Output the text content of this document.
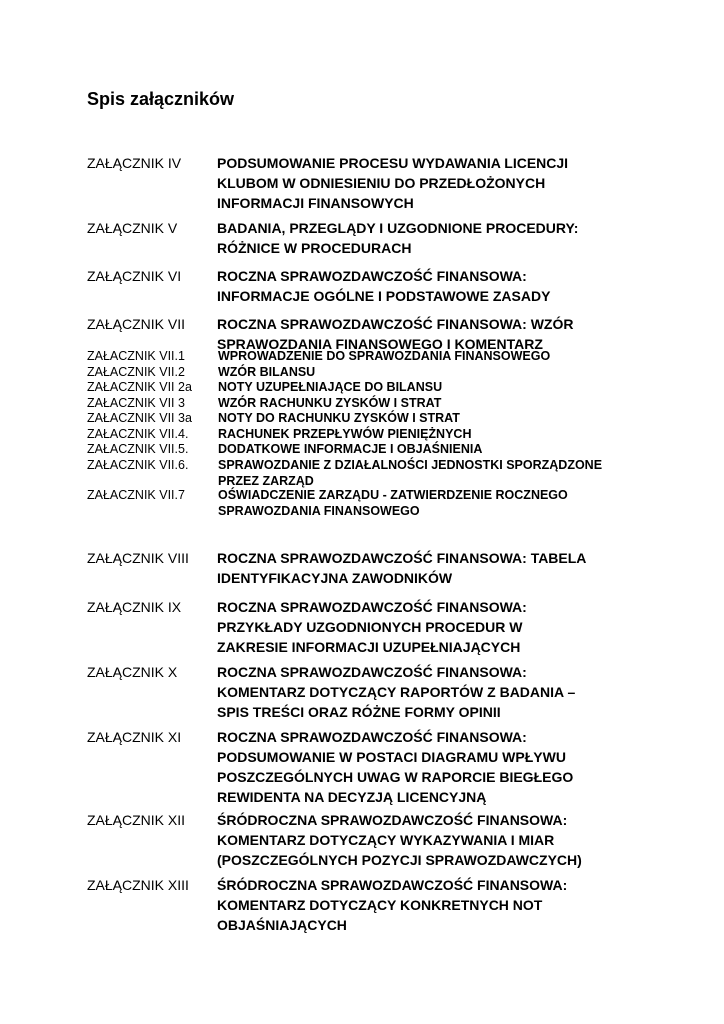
Spis załączników
ZAŁĄCZNIK IV	PODSUMOWANIE PROCESU WYDAWANIA LICENCJI
KLUBOM W ODNIESIENIU DO PRZEDŁOŻONYCH
INFORMACJI FINANSOWYCH
ZAŁĄCZNIK V	BADANIA, PRZEGLĄDY I UZGODNIONE PROCEDURY:
RÓŻNICE W PROCEDURACH
ZAŁĄCZNIK VI	ROCZNA SPRAWOZDAWCZOŚĆ FINANSOWA:
INFORMACJE OGÓLNE I PODSTAWOWE ZASADY
ZAŁĄCZNIK VII ROCZNA SPRAWOZDAWCZOŚĆ FINANSOWA: WZÓR
SPRAWOZDANIA FINANSOWEGO I KOMENTARZ
ZAŁACZNIK VII.1	WPROWADZENIE DO SPRAWOZDANIA FINANSOWEGO
ZAŁACZNIK VII.2	WZÓR BILANSU
ZAŁACZNIK VII 2a NOTY UZUPEŁNIAJĄCE DO BILANSU
ZAŁACZNIK VII 3	WZÓR RACHUNKU ZYSKÓW I STRAT
ZAŁACZNIK VII 3a NOTY DO RACHUNKU ZYSKÓW I STRAT
ZAŁACZNIK VII.4. RACHUNEK PRZEPŁYWÓW PIENIĘŻNYCH
ZAŁACZNIK VII.5. DODATKOWE INFORMACJE I OBJAŚNIENIA
ZAŁACZNIK VII.6. SPRAWOZDANIE Z DZIAŁALNOŚCI JEDNOSTKI SPORZĄDZONE
PRZEZ ZARZĄD
ZAŁACZNIK VII.7	OŚWIADCZENIE ZARZĄDU - ZATWIERDZENIE ROCZNEGO
SPRAWOZDANIA FINANSOWEGO
ZAŁĄCZNIK VIII ROCZNA SPRAWOZDAWCZOŚĆ FINANSOWA: TABELA
IDENTYFIKACYJNA ZAWODNIKÓW
ZAŁĄCZNIK IX	ROCZNA SPRAWOZDAWCZOŚĆ FINANSOWA:
PRZYKŁADY UZGODNIONYCH PROCEDUR W
ZAKRESIE INFORMACJI UZUPEŁNIAJĄCYCH
ZAŁĄCZNIK X	ROCZNA SPRAWOZDAWCZOŚĆ FINANSOWA:
KOMENTARZ DOTYCZĄCY RAPORTÓW Z BADANIA –
SPIS TREŚCI ORAZ RÓŻNE FORMY OPINII
ZAŁĄCZNIK XI	ROCZNA SPRAWOZDAWCZOŚĆ FINANSOWA:
PODSUMOWANIE W POSTACI DIAGRAMU WPŁYWU
POSZCZEGÓLNYCH UWAG W RAPORCIE BIEGŁEGO
REWIDENTA NA DECYZJĄ LICENCYJNĄ
ZAŁĄCZNIK XII ŚRÓDROCZNA SPRAWOZDAWCZOŚĆ FINANSOWA:
KOMENTARZ DOTYCZĄCY WYKAZYWANIA I MIAR
(POSZCZEGÓLNYCH POZYCJI SPRAWOZDAWCZYCH)
ZAŁĄCZNIK XIII ŚRÓDROCZNA SPRAWOZDAWCZOŚĆ FINANSOWA:
KOMENTARZ DOTYCZĄCY KONKRETNYCH NOT
OBJAŚNIAJĄCYCH
